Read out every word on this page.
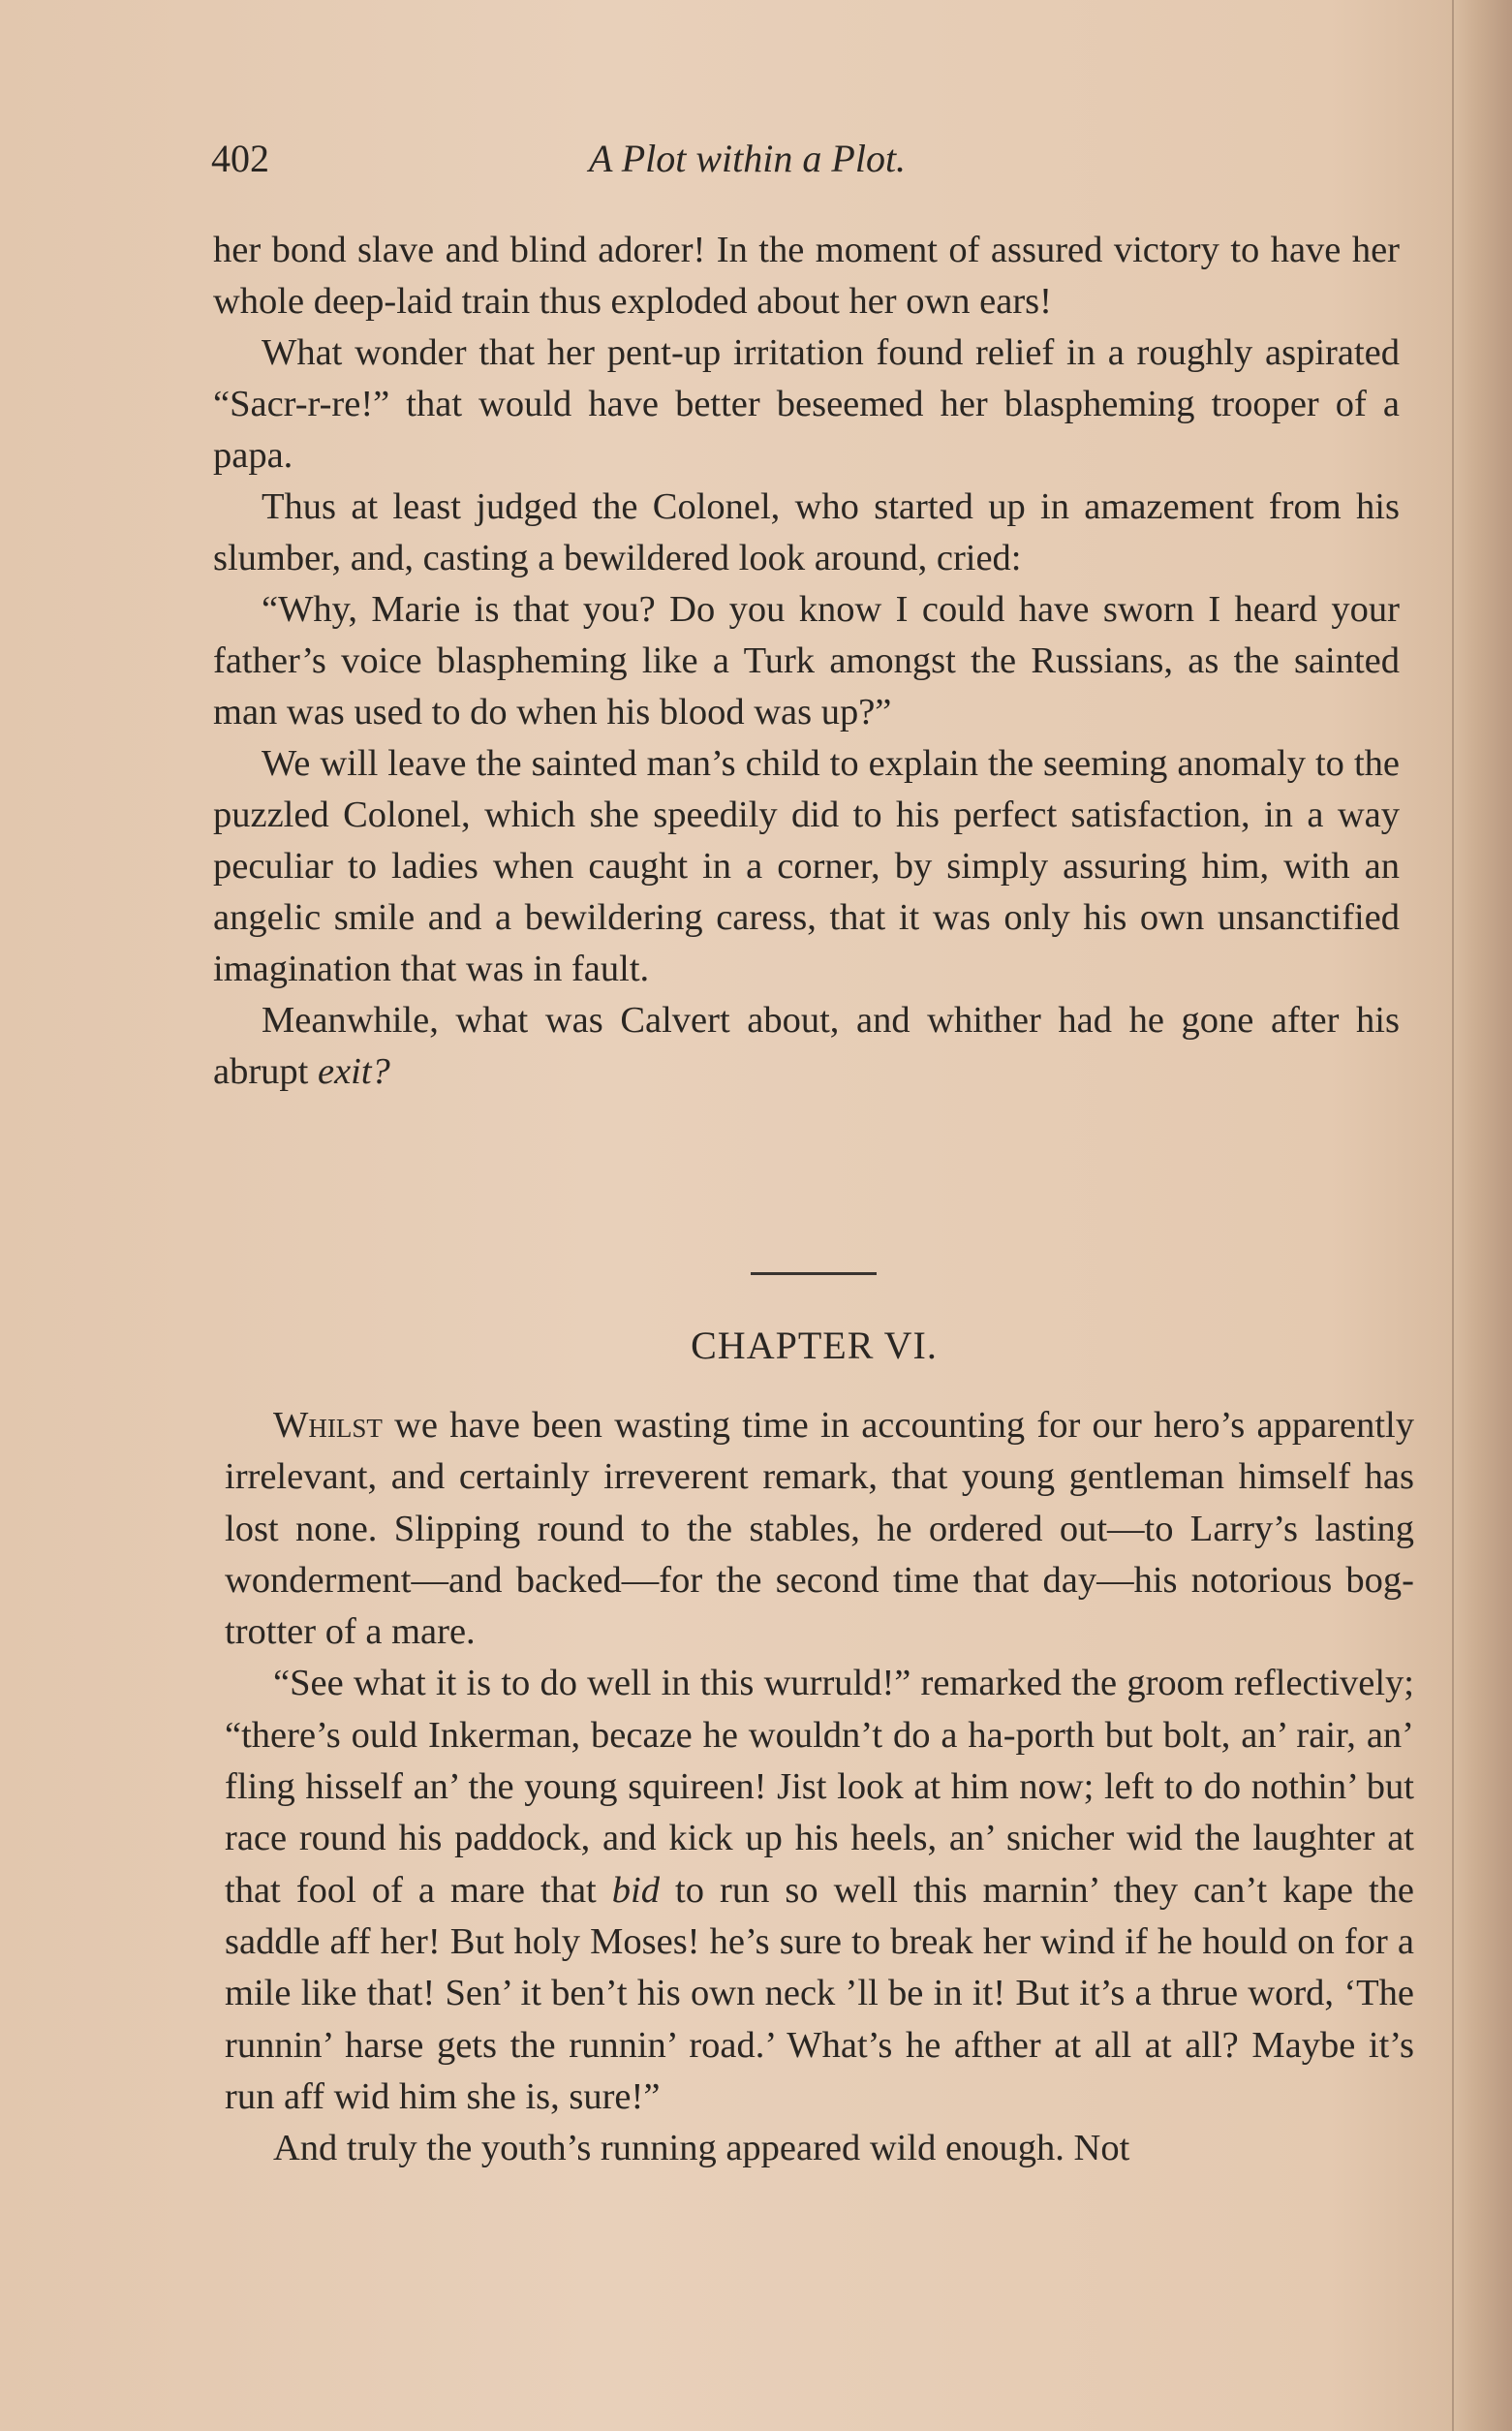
402	A Plot within a Plot.

her bond slave and blind adorer! In the moment of assured victory to have her whole deep-laid train thus exploded about her own ears!

What wonder that her pent-up irritation found relief in a roughly aspirated “Sacr-r-re!” that would have better beseemed her blaspheming trooper of a papa.

Thus at least judged the Colonel, who started up in amazement from his slumber, and, casting a bewildered look around, cried:

“Why, Marie is that you? Do you know I could have sworn I heard your father’s voice blaspheming like a Turk amongst the Russians, as the sainted man was used to do when his blood was up?”

We will leave the sainted man’s child to explain the seeming anomaly to the puzzled Colonel, which she speedily did to his perfect satisfaction, in a way peculiar to ladies when caught in a corner, by simply assuring him, with an angelic smile and a bewildering caress, that it was only his own unsanctified imagination that was in fault.

Meanwhile, what was Calvert about, and whither had he gone after his abrupt exit?

CHAPTER VI.

Whilst we have been wasting time in accounting for our hero’s apparently irrelevant, and certainly irreverent remark, that young gentleman himself has lost none. Slipping round to the stables, he ordered out—to Larry’s lasting wonderment—and backed—for the second time that day—his notorious bog-trotter of a mare.

“See what it is to do well in this wurruld!” remarked the groom reflectively; “there’s ould Inkerman, becaze he wouldn’t do a ha-porth but bolt, an’ rair, an’ fling hisself an’ the young squireen! Jist look at him now; left to do nothin’ but race round his paddock, and kick up his heels, an’ snicher wid the laughter at that fool of a mare that bid to run so well this marnin’ they can’t kape the saddle aff her! But holy Moses! he’s sure to break her wind if he hould on for a mile like that! Sen’ it ben’t his own neck ’ll be in it! But it’s a thrue word, ‘The runnin’ harse gets the runnin’ road.’ What’s he afther at all at all? Maybe it’s run aff wid him she is, sure!”

And truly the youth’s running appeared wild enough. Not
